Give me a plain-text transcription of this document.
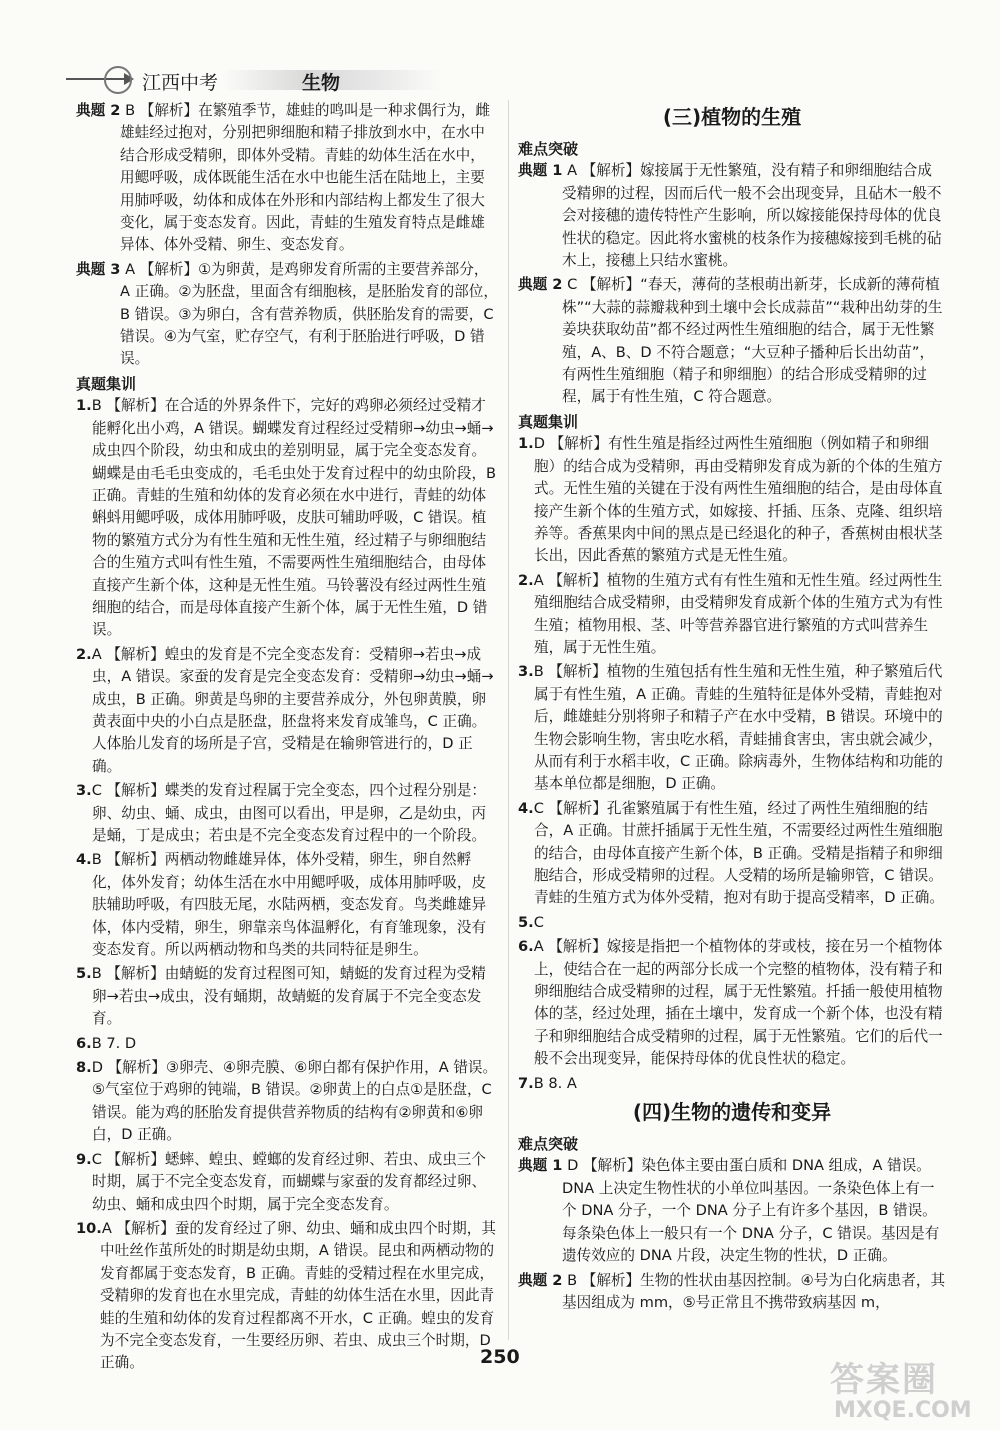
江西中考	生物
典题 2 B 【解析】在繁殖季节，雄蛙的鸣叫是一种求偶行为，雌雄蛙经过抱对，分别把卵细胞和精子排放到水中，在水中结合形成受精卵，即体外受精。青蛙的幼体生活在水中，用鳃呼吸，成体既能生活在水中也能生活在陆地上，主要用肺呼吸，幼体和成体在外形和内部结构上都发生了很大变化，属于变态发育。因此，青蛙的生殖发育特点是雌雄异体、体外受精、卵生、变态发育。
典题 3 A 【解析】①为卵黄，是鸡卵发育所需的主要营养部分，A 正确。②为胚盘，里面含有细胞核，是胚胎发育的部位，B 错误。③为卵白，含有营养物质，供胚胎发育的需要，C 错误。④为气室，贮存空气，有利于胚胎进行呼吸，D 错误。
真题集训
1.B 【解析】在合适的外界条件下，完好的鸡卵必须经过受精才能孵化出小鸡，A 错误。蝴蝶发育过程经过受精卵→幼虫→蛹→成虫四个阶段，幼虫和成虫的差别明显，属于完全变态发育。蝴蝶是由毛毛虫变成的，毛毛虫处于发育过程中的幼虫阶段，B 正确。青蛙的生殖和幼体的发育必须在水中进行，青蛙的幼体蝌蚪用鳃呼吸，成体用肺呼吸，皮肤可辅助呼吸，C 错误。植物的繁殖方式分为有性生殖和无性生殖，经过精子与卵细胞结合的生殖方式叫有性生殖，不需要两性生殖细胞结合，由母体直接产生新个体，这种是无性生殖。马铃薯没有经过两性生殖细胞的结合，而是母体直接产生新个体，属于无性生殖，D 错误。
2.A 【解析】蝗虫的发育是不完全变态发育：受精卵→若虫→成虫，A 错误。家蚕的发育是完全变态发育：受精卵→幼虫→蛹→成虫，B 正确。卵黄是鸟卵的主要营养成分，外包卵黄膜，卵黄表面中央的小白点是胚盘，胚盘将来发育成雏鸟，C 正确。人体胎儿发育的场所是子宫，受精是在输卵管进行的，D 正确。
3.C 【解析】蝶类的发育过程属于完全变态，四个过程分别是：卵、幼虫、蛹、成虫，由图可以看出，甲是卵，乙是幼虫，丙是蛹，丁是成虫；若虫是不完全变态发育过程中的一个阶段。
4.B 【解析】两栖动物雌雄异体，体外受精，卵生，卵自然孵化，体外发育；幼体生活在水中用鳃呼吸，成体用肺呼吸，皮肤辅助呼吸，有四肢无尾，水陆两栖，变态发育。鸟类雌雄异体，体内受精，卵生，卵靠亲鸟体温孵化，有育雏现象，没有变态发育。所以两栖动物和鸟类的共同特征是卵生。
5.B 【解析】由蜻蜓的发育过程图可知，蜻蜓的发育过程为受精卵→若虫→成虫，没有蛹期，故蜻蜓的发育属于不完全变态发育。
6.B 7. D
8.D 【解析】③卵壳、④卵壳膜、⑥卵白都有保护作用，A 错误。⑤气室位于鸡卵的钝端，B 错误。②卵黄上的白点①是胚盘，C 错误。能为鸡的胚胎发育提供营养物质的结构有②卵黄和⑥卵白，D 正确。
9.C 【解析】蟋蟀、蝗虫、螳螂的发育经过卵、若虫、成虫三个时期，属于不完全变态发育，而蝴蝶与家蚕的发育都经过卵、幼虫、蛹和成虫四个时期，属于完全变态发育。
10.A 【解析】蚕的发育经过了卵、幼虫、蛹和成虫四个时期，其中吐丝作茧所处的时期是幼虫期，A 错误。昆虫和两栖动物的发育都属于变态发育，B 正确。青蛙的受精过程在水里完成，受精卵的发育也在水里完成，青蛙的幼体生活在水里，因此青蛙的生殖和幼体的发育过程都离不开水，C 正确。蝗虫的发育为不完全变态发育，一生要经历卵、若虫、成虫三个时期，D 正确。
(三)植物的生殖
难点突破
典题 1 A 【解析】嫁接属于无性繁殖，没有精子和卵细胞结合成受精卵的过程，因而后代一般不会出现变异，且砧木一般不会对接穗的遗传特性产生影响，所以嫁接能保持母体的优良性状的稳定。因此将水蜜桃的枝条作为接穗嫁接到毛桃的砧木上，接穗上只结水蜜桃。
典题 2 C 【解析】“春天，薄荷的茎根萌出新芽，长成新的薄荷植株”“大蒜的蒜瓣栽种到土壤中会长成蒜苗”“栽种出幼芽的生姜块获取幼苗”都不经过两性生殖细胞的结合，属于无性繁殖，A、B、D 不符合题意；“大豆种子播种后长出幼苗”，有两性生殖细胞（精子和卵细胞）的结合形成受精卵的过程，属于有性生殖，C 符合题意。
真题集训
1.D 【解析】有性生殖是指经过两性生殖细胞（例如精子和卵细胞）的结合成为受精卵，再由受精卵发育成为新的个体的生殖方式。无性生殖的关键在于没有两性生殖细胞的结合，是由母体直接产生新个体的生殖方式，如嫁接、扦插、压条、克隆、组织培养等。香蕉果肉中间的黑点是已经退化的种子，香蕉树由根状茎长出，因此香蕉的繁殖方式是无性生殖。
2.A 【解析】植物的生殖方式有有性生殖和无性生殖。经过两性生殖细胞结合成受精卵，由受精卵发育成新个体的生殖方式为有性生殖；植物用根、茎、叶等营养器官进行繁殖的方式叫营养生殖，属于无性生殖。
3.B 【解析】植物的生殖包括有性生殖和无性生殖，种子繁殖后代属于有性生殖，A 正确。青蛙的生殖特征是体外受精，青蛙抱对后，雌雄蛙分别将卵子和精子产在水中受精，B 错误。环境中的生物会影响生物，害虫吃水稻，青蛙捕食害虫，害虫就会减少，从而有利于水稻丰收，C 正确。除病毒外，生物体结构和功能的基本单位都是细胞，D 正确。
4.C 【解析】孔雀繁殖属于有性生殖，经过了两性生殖细胞的结合，A 正确。甘蔗扦插属于无性生殖，不需要经过两性生殖细胞的结合，由母体直接产生新个体，B 正确。受精是指精子和卵细胞结合，形成受精卵的过程。人受精的场所是输卵管，C 错误。青蛙的生殖方式为体外受精，抱对有助于提高受精率，D 正确。
5.C
6.A 【解析】嫁接是指把一个植物体的芽或枝，接在另一个植物体上，使结合在一起的两部分长成一个完整的植物体，没有精子和卵细胞结合成受精卵的过程，属于无性繁殖。扦插一般使用植物体的茎，经过处理，插在土壤中，发育成一个新个体，也没有精子和卵细胞结合成受精卵的过程，属于无性繁殖。它们的后代一般不会出现变异，能保持母体的优良性状的稳定。
7.B 8. A
(四)生物的遗传和变异
难点突破
典题 1 D 【解析】染色体主要由蛋白质和 DNA 组成，A 错误。DNA 上决定生物性状的小单位叫基因。一条染色体上有一个 DNA 分子，一个 DNA 分子上有许多个基因，B 错误。每条染色体上一般只有一个 DNA 分子，C 错误。基因是有遗传效应的 DNA 片段，决定生物的性状，D 正确。
典题 2 B 【解析】生物的性状由基因控制。④号为白化病患者，其基因组成为 mm，⑤号正常且不携带致病基因 m，
250
答案圈
MXQE.COM
